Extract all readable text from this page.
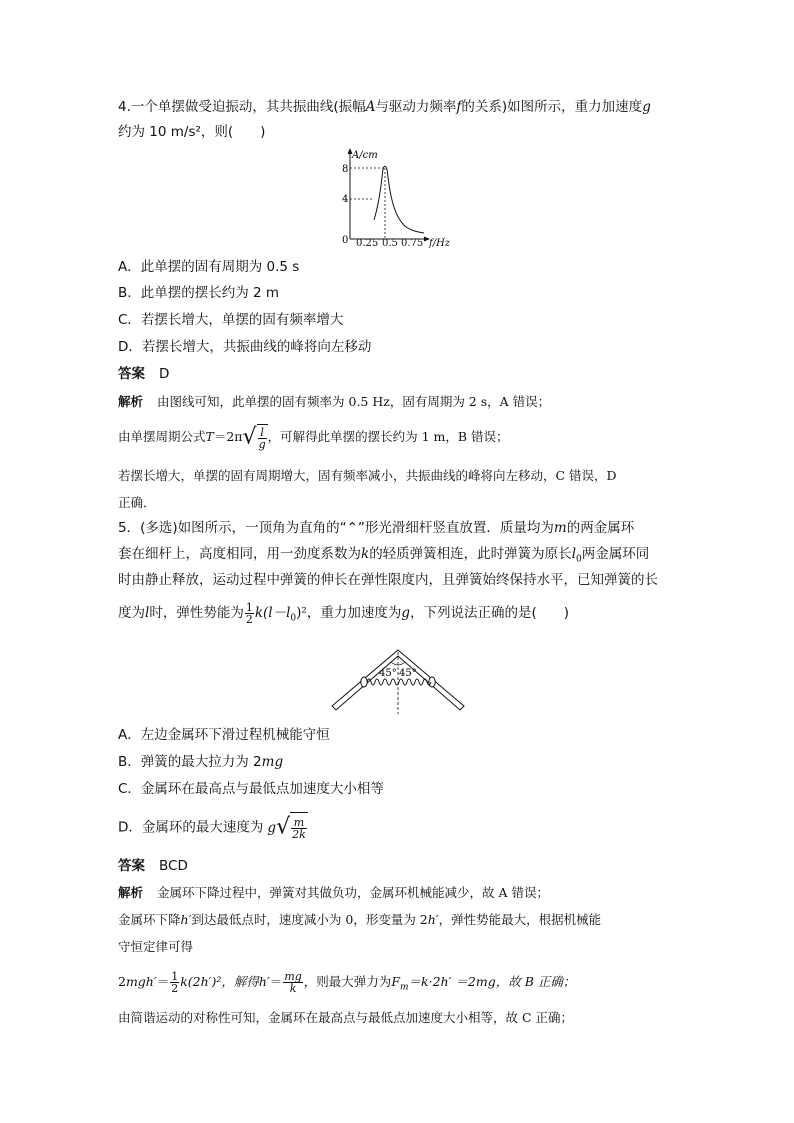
4.一个单摆做受迫振动，其共振曲线(振幅A与驱动力频率f的关系)如图所示，重力加速度g
约为 10 m/s²，则(　　)
A/cm
8
4
0 0.25 0.5 0.75 f/Hz
A．此单摆的固有周期为 0.5 s
B．此单摆的摆长约为 2 m
C．若摆长增大，单摆的固有频率增大
D．若摆长增大，共振曲线的峰将向左移动
答案 D
解析 由图线可知，此单摆的固有频率为 0.5 Hz，固有周期为 2 s，A 错误；
由单摆周期公式$T=2\pi√ \frac{l}{g}$ ，可解得此单摆的摆长约为 1 m，B 错误；
若摆长增大，单摆的固有周期增大，固有频率减小，共振曲线的峰将向左移动，C 错误，D
正确．
5．(多选)如图所示，一顶角为直角的“⌃”形光滑细杆竖直放置．质量均为m的两金属环
套在细杆上，高度相同，用一劲度系数为k的轻质弹簧相连，此时弹簧为原长$l_0$两金属环同
时由静止释放，运动过程中弹簧的伸长在弹性限度内，且弹簧始终保持水平，已知弹簧的长
度为l时，弹性势能为 $\frac{1}{2} k(l-l_0)^2$，重力加速度为g，下列说法正确的是(　　)
45° 45°
A．左边金属环下滑过程机械能守恒
B．弹簧的最大拉力为 2mg
C．金属环在最高点与最低点加速度大小相等
D．金属环的最大速度为 $g√ \frac{m}{2k}$
答案 BCD
解析 金属环下降过程中，弹簧对其做负功，金属环机械能减少，故 A 错误；
金属环下降h′到达最低点时，速度减小为 0，形变量为 2h′，弹性势能最大，根据机械能
守恒定律可得
$2mgh'= \frac{1}{2} k(2h')^2$，解得$h'= \frac{mg}{k}$ ，则最大弹力为$F_m=k\cdot 2h' =2mg$，故 B 正确；
由简谐运动的对称性可知，金属环在最高点与最低点加速度大小相等，故 C 正确；
